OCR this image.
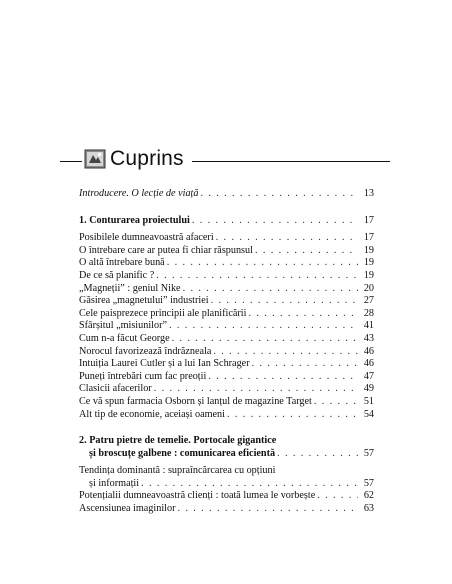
Cuprins
Introducere. O lecție de viață . . .	13
1. Conturarea proiectului . . .	17
Posibilele dumneavoastră afaceri . . .	17
O întrebare care ar putea fi chiar răspunsul . . .	19
O altă întrebare bună . . .	19
De ce să planific ? . . .	19
„Magneții” : geniul Nike . . .	20
Găsirea „magnetului” industriei . . .	27
Cele paisprezece principii ale planificării . . .	28
Sfârșitul „misiunilor” . . .	41
Cum n-a făcut George . . .	43
Norocul favorizează îndrăzneala . . .	46
Intuiția Laurei Cutler și a lui Ian Schrager . . .	46
Puneți întrebări cum fac preoții . . .	47
Clasicii afacerilor . . .	49
Ce vă spun farmacia Osborn și lanțul de magazine Target . . .	51
Alt tip de economie, aceiași oameni . . .	54
2. Patru pietre de temelie. Portocale gigantice
și broscuțe galbene : comunicarea eficientă . . .	57
Tendința dominantă : supraîncărcarea cu opțiuni
și informații . . .	57
Potențialii dumneavoastră clienți : toată lumea le vorbește . . .	62
Ascensiunea imaginilor . . .	63
